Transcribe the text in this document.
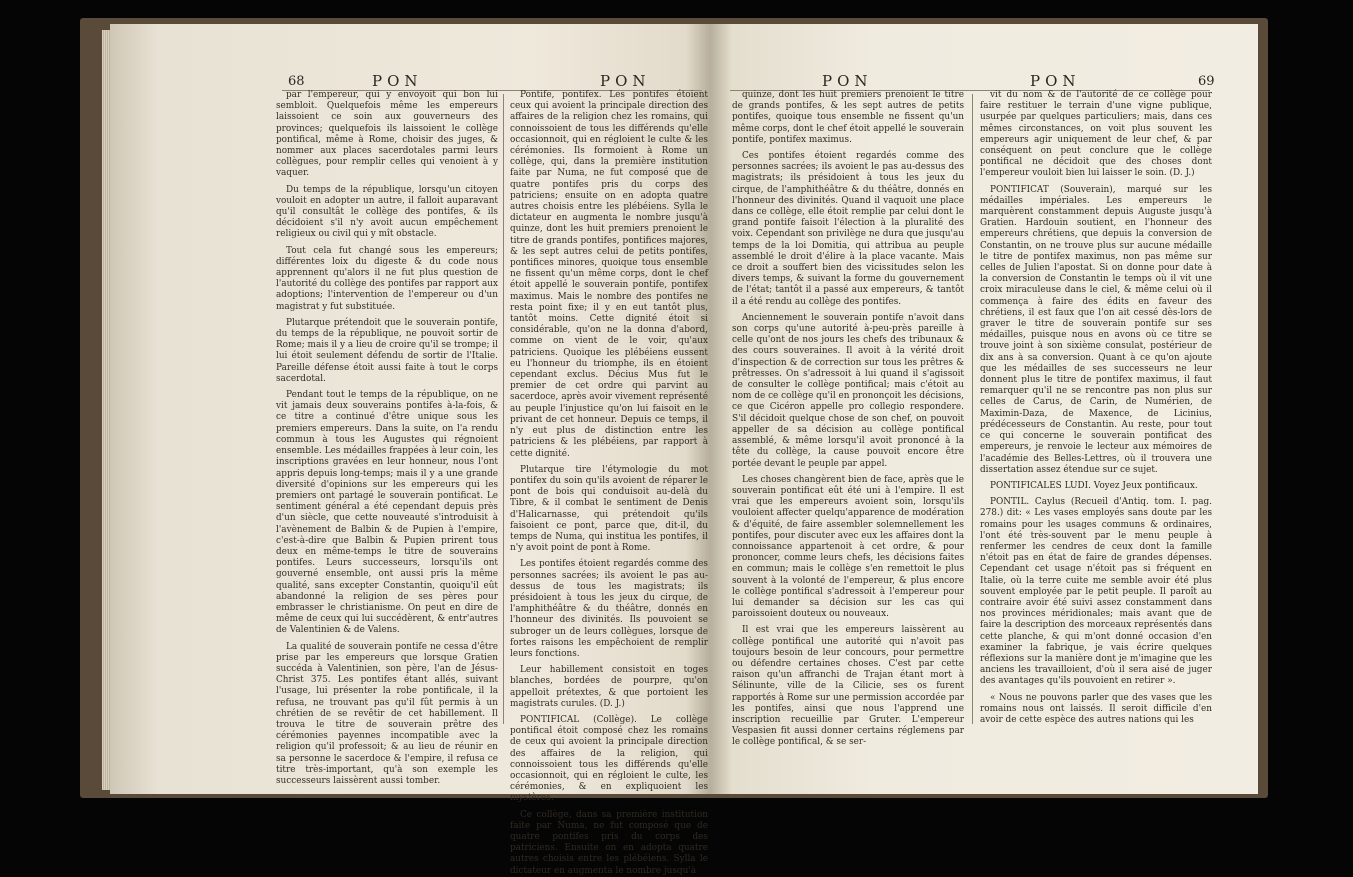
68	PON	PON

par l'empereur, qui y envoyoit qui bon lui sembloit. Quelquefois même les empereurs laissoient ce soin aux gouverneurs des provinces; quelquefois ils laissoient le collège pontifical, même à Rome, choisir des juges, & nommer aux places sacerdotales parmi leurs collègues, pour remplir celles qui venoient à y vaquer.

Du temps de la république, lorsqu'un citoyen vouloit en adopter un autre, il falloit auparavant qu'il consultât le collège des pontifes, & ils décidoient s'il n'y avoit aucun empêchement religieux ou civil qui y mît obstacle.

Tout cela fut changé sous les empereurs; différentes loix du digeste & du code nous apprennent qu'alors il ne fut plus question de l'autorité du collège des pontifes par rapport aux adoptions; l'intervention de l'empereur ou d'un magistrat y fut substituée.

Plutarque prétendoit que le souverain pontife, du temps de la république, ne pouvoit sortir de Rome; mais il y a lieu de croire qu'il se trompe; il lui étoit seulement défendu de sortir de l'Italie. Pareille défense étoit aussi faite à tout le corps sacerdotal.

Pendant tout le temps de la république, on ne vit jamais deux souverains pontifes à-la-fois, & ce titre a continué d'être unique sous les premiers empereurs. Dans la suite, on l'a rendu commun à tous les Augustes qui régnoient ensemble. Les médailles frappées à leur coin, les inscriptions gravées en leur honneur, nous l'ont appris depuis long-temps; mais il y a une grande diversité d'opinions sur les empereurs qui les premiers ont partagé le souverain pontificat. Le sentiment général a été cependant depuis près d'un siècle, que cette nouveauté s'introduisit à l'avènement de Balbin & de Pupien à l'empire, c'est-à-dire que Balbin & Pupien prirent tous deux en même-temps le titre de souverains pontifes. Leurs successeurs, lorsqu'ils ont gouverné ensemble, ont aussi pris la même qualité, sans excepter Constantin, quoiqu'il eût abandonné la religion de ses pères pour embrasser le christianisme. On peut en dire de même de ceux qui lui succédèrent, & entr'autres de Valentinien & de Valens.

La qualité de souverain pontife ne cessa d'être prise par les empereurs que lorsque Gratien succéda à Valentinien, son père, l'an de Jésus-Christ 375. Les pontifes étant allés, suivant l'usage, lui présenter la robe pontificale, il la refusa, ne trouvant pas qu'il fût permis à un chrétien de se revêtir de cet habillement. Il trouva le titre de souverain prêtre des cérémonies payennes incompatible avec la religion qu'il professoit; & au lieu de réunir en sa personne le sacerdoce & l'empire, il refusa ce titre très-important, qu'à son exemple les successeurs laissèrent aussi tomber.

Pontife, pontifex. Les pontifes étoient ceux qui avoient la principale direction des affaires de la religion chez les romains, qui connoissoient de tous les différends qu'elle occasionnoit, qui en régloient le culte & les cérémonies. Ils formoient à Rome un collège, qui, dans la première institution faite par Numa, ne fut composé que de quatre pontifes pris du corps des patriciens; ensuite on en adopta quatre autres choisis entre les plébéiens. Sylla le dictateur en augmenta le nombre jusqu'à quinze, dont les huit premiers prenoient le titre de grands pontifes, pontifices majores, & les sept autres celui de petits pontifes, pontifices minores, quoique tous ensemble ne fissent qu'un même corps, dont le chef étoit appellé le souverain pontife, pontifex maximus. Mais le nombre des pontifes ne resta point fixe; il y en eut tantôt plus, tantôt moins. Cette dignité étoit si considérable, qu'on ne la donna d'abord, comme on vient de le voir, qu'aux patriciens. Quoique les plébéiens eussent eu l'honneur du triomphe, ils en étoient cependant exclus. Décius Mus fut le premier de cet ordre qui parvint au sacerdoce, après avoir vivement représenté au peuple l'injustice qu'on lui faisoit en le privant de cet honneur. Depuis ce temps, il n'y eut plus de distinction entre les patriciens & les plébéiens, par rapport à cette dignité.

Plutarque tire l'étymologie du mot pontifex du soin qu'ils avoient de réparer le pont de bois qui conduisoit au-delà du Tibre, & il combat le sentiment de Denis d'Halicarnasse, qui prétendoit qu'ils faisoient ce pont, parce que, dit-il, du temps de Numa, qui institua les pontifes, il n'y avoit point de pont à Rome.

Les pontifes étoient regardés comme des personnes sacrées; ils avoient le pas au-dessus de tous les magistrats; ils présidoient à tous les jeux du cirque, de l'amphithéâtre & du théâtre, donnés en l'honneur des divinités. Ils pouvoient se subroger un de leurs collègues, lorsque de fortes raisons les empêchoient de remplir leurs fonctions.

Leur habillement consistoit en toges blanches, bordées de pourpre, qu'on appelloit prétextes, & que portoient les magistrats curules. (D. J.)

PONTIFICAL (Collège). Le collège pontifical étoit composé chez les romains de ceux qui avoient la principale direction des affaires de la religion, qui connoissoient tous les différends qu'elle occasionnoit, qui en régloient le culte, les cérémonies, & en expliquoient les mystères.

Ce collège, dans sa première institution faite par Numa, ne fut composé que de quatre pontifes pris du corps des patriciens. Ensuite on en adopta quatre autres choisis entre les plébéiens. Sylla le dictateur en augmenta le nombre jusqu'à

PON	PON	69

quinze, dont les huit premiers prenoient le titre de grands pontifes, & les sept autres de petits pontifes, quoique tous ensemble ne fissent qu'un même corps, dont le chef étoit appellé le souverain pontife, pontifex maximus.

Ces pontifes étoient regardés comme des personnes sacrées; ils avoient le pas au-dessus des magistrats; ils présidoient à tous les jeux du cirque, de l'amphithéâtre & du théâtre, donnés en l'honneur des divinités. Quand il vaquoit une place dans ce collège, elle étoit remplie par celui dont le grand pontife faisoit l'élection à la pluralité des voix. Cependant son privilège ne dura que jusqu'au temps de la loi Domitia, qui attribua au peuple assemblé le droit d'élire à la place vacante. Mais ce droit a souffert bien des vicissitudes selon les divers temps, & suivant la forme du gouvernement de l'état; tantôt il a passé aux empereurs, & tantôt il a été rendu au collège des pontifes.

Anciennement le souverain pontife n'avoit dans son corps qu'une autorité à-peu-près pareille à celle qu'ont de nos jours les chefs des tribunaux & des cours souveraines. Il avoit à la vérité droit d'inspection & de correction sur tous les prêtres & prêtresses. On s'adressoit à lui quand il s'agissoit de consulter le collège pontifical; mais c'étoit au nom de ce collège qu'il en prononçoit les décisions, ce que Cicéron appelle pro collegio respondere. S'il décidoit quelque chose de son chef, on pouvoit appeller de sa décision au collège pontifical assemblé, & même lorsqu'il avoit prononcé à la tête du collège, la cause pouvoit encore être portée devant le peuple par appel.

Les choses changèrent bien de face, après que le souverain pontificat eût été uni à l'empire. Il est vrai que les empereurs avoient soin, lorsqu'ils vouloient affecter quelqu'apparence de modération & d'équité, de faire assembler solemnellement les pontifes, pour discuter avec eux les affaires dont la connoissance appartenoit à cet ordre, & pour prononcer, comme leurs chefs, les décisions faites en commun; mais le collège s'en remettoit le plus souvent à la volonté de l'empereur, & plus encore le collège pontifical s'adressoit à l'empereur pour lui demander sa décision sur les cas qui paroissoient douteux ou nouveaux.

Il est vrai que les empereurs laissèrent au collège pontifical une autorité qui n'avoit pas toujours besoin de leur concours, pour permettre ou défendre certaines choses. C'est par cette raison qu'un affranchi de Trajan étant mort à Sélinunte, ville de la Cilicie, ses os furent rapportés à Rome sur une permission accordée par les pontifes, ainsi que nous l'apprend une inscription recueillie par Gruter. L'empereur Vespasien fit aussi donner certains réglemens par le collège pontifical, & se ser-

vit du nom & de l'autorité de ce collège pour faire restituer le terrain d'une vigne publique, usurpée par quelques particuliers; mais, dans ces mêmes circonstances, on voit plus souvent les empereurs agir uniquement de leur chef, & par conséquent on peut conclure que le collège pontifical ne décidoit que des choses dont l'empereur vouloit bien lui laisser le soin. (D. J.)

PONTIFICAT (Souverain), marqué sur les médailles impériales. Les empereurs le marquèrent constamment depuis Auguste jusqu'à Gratien. Hardouin soutient, en l'honneur des empereurs chrétiens, que depuis la conversion de Constantin, on ne trouve plus sur aucune médaille le titre de pontifex maximus, non pas même sur celles de Julien l'apostat. Si on donne pour date à la conversion de Constantin le temps où il vit une croix miraculeuse dans le ciel, & même celui où il commença à faire des édits en faveur des chrétiens, il est faux que l'on ait cessé dès-lors de graver le titre de souverain pontife sur ses médailles, puisque nous en avons où ce titre se trouve joint à son sixième consulat, postérieur de dix ans à sa conversion. Quant à ce qu'on ajoute que les médailles de ses successeurs ne leur donnent plus le titre de pontifex maximus, il faut remarquer qu'il ne se rencontre pas non plus sur celles de Carus, de Carin, de Numérien, de Maximin-Daza, de Maxence, de Licinius, prédécesseurs de Constantin. Au reste, pour tout ce qui concerne le souverain pontificat des empereurs, je renvoie le lecteur aux mémoires de l'académie des Belles-Lettres, où il trouvera une dissertation assez étendue sur ce sujet.

PONTIFICALES LUDI. Voyez Jeux pontificaux.

PONTIL. Caylus (Recueil d'Antiq. tom. I. pag. 278.) dit: « Les vases employés sans doute par les romains pour les usages communs & ordinaires, l'ont été très-souvent par le menu peuple à renfermer les cendres de ceux dont la famille n'étoit pas en état de faire de grandes dépenses. Cependant cet usage n'étoit pas si fréquent en Italie, où la terre cuite me semble avoir été plus souvent employée par le petit peuple. Il paroît au contraire avoir été suivi assez constamment dans nos provinces méridionales; mais avant que de faire la description des morceaux représentés dans cette planche, & qui m'ont donné occasion d'en examiner la fabrique, je vais écrire quelques réflexions sur la manière dont je m'imagine que les anciens les travailloient, d'où il sera aisé de juger des avantages qu'ils pouvoient en retirer ».

« Nous ne pouvons parler que des vases que les romains nous ont laissés. Il seroit difficile d'en avoir de cette espèce des autres nations qui les
